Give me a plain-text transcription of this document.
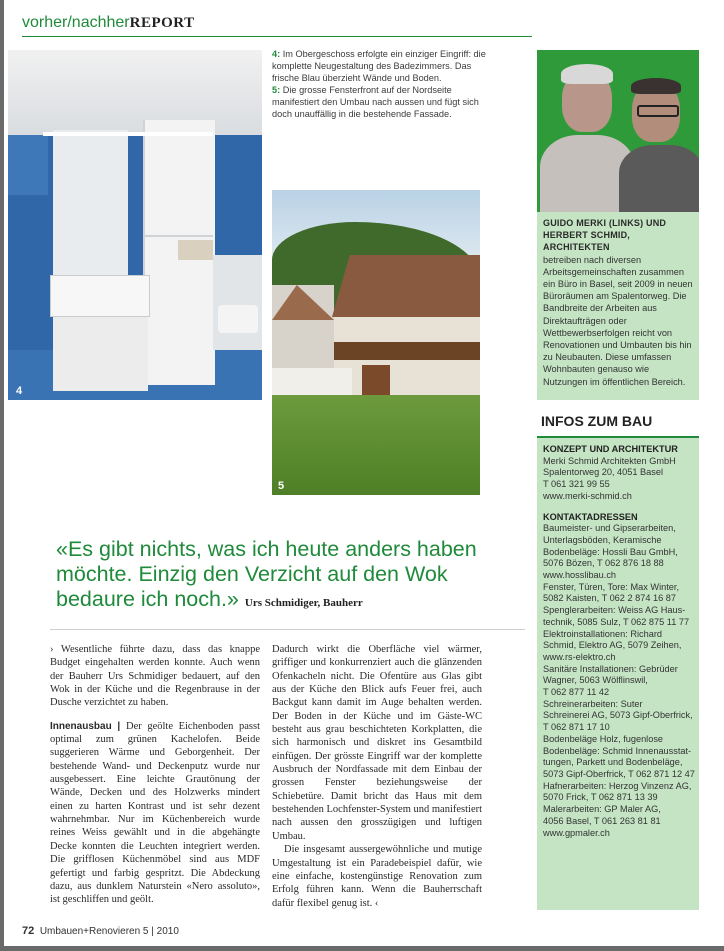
vorher/nachherREPORT
4
4: Im Obergeschoss erfolgte ein einziger Eingriff: die komplette Neugestaltung des Badezimmers. Das frische Blau überzieht Wände und Boden.
5: Die grosse Fensterfront auf der Nordseite manifestiert den Umbau nach aussen und fügt sich doch unauffällig in die bestehende Fassade.
5
GUIDO MERKI (LINKS) UND HERBERT SCHMID, ARCHITEKTEN
betreiben nach diversen Arbeitsgemeinschaften zusammen ein Büro in Basel, seit 2009 in neuen Büroräumen am Spalentorweg. Die Bandbreite der Arbeiten aus Direktaufträgen oder Wettbewerbserfolgen reicht von Renovationen und Umbauten bis hin zu Neubauten. Diese umfassen Wohnbauten genauso wie Nutzungen im öffentlichen Bereich.
INFOS ZUM BAU
KONZEPT UND ARCHITEKTUR
Merki Schmid Architekten GmbH
Spalentorweg 20, 4051 Basel
T 061 321 99 55
www.merki-schmid.ch
KONTAKTADRESSEN
Baumeister- und Gipserarbeiten,
Unterlagsböden, Keramische
Bodenbeläge: Hossli Bau GmbH,
5076 Bözen, T 062 876 18 88
www.hosslibau.ch
Fenster, Türen, Tore: Max Winter,
5082 Kaisten, T 062 2 874 16 87
Spenglerarbeiten: Weiss AG Haus-
technik, 5085 Sulz, T 062 875 11 77
Elektroinstallationen: Richard
Schmid, Elektro AG, 5079 Zeihen,
www.rs-elektro.ch
Sanitäre Installationen: Gebrüder
Wagner, 5063 Wölflinswil,
T 062 877 11 42
Schreinerarbeiten: Suter
Schreinerei AG, 5073 Gipf-Oberfrick,
T 062 871 17 10
Bodenbeläge Holz, fugenlose
Bodenbeläge: Schmid Innenausstat-
tungen, Parkett und Bodenbeläge,
5073 Gipf-Oberfrick, T 062 871 12 47
Hafnerarbeiten: Herzog Vinzenz AG,
5070 Frick, T 062 871 13 39
Malerarbeiten: GP Maler AG,
4056 Basel, T 061 263 81 81
www.gpmaler.ch
«Es gibt nichts, was ich heute anders haben möchte. Einzig den Verzicht auf den Wok bedaure ich noch.» Urs Schmidiger, Bauherr

› Wesentliche führte dazu, dass das knappe Budget eingehalten werden konnte. Auch wenn der Bauherr Urs Schmidiger bedauert, auf den Wok in der Küche und die Regenbrause in der Dusche verzichtet zu haben.

Innenausbau | Der geölte Eichenboden passt optimal zum grünen Kachelofen. Beide suggerieren Wärme und Geborgenheit. Der bestehende Wand- und Deckenputz wurde nur ausgebessert. Eine leichte Grautönung der Wände, Decken und des Holzwerks mindert einen zu harten Kontrast und ist sehr dezent wahrnehmbar. Nur im Küchenbereich wurde reines Weiss gewählt und in die abgehängte Decke konnten die Leuchten integriert werden. Die grifflosen Küchenmöbel sind aus MDF gefertigt und farbig gespritzt. Die Abdeckung dazu, aus dunklem Naturstein «Nero assoluto», ist geschliffen und geölt.

Dadurch wirkt die Oberfläche viel wärmer, griffiger und konkurrenziert auch die glänzenden Ofenkacheln nicht. Die Ofentüre aus Glas gibt aus der Küche den Blick aufs Feuer frei, auch Backgut kann damit im Auge behalten werden. Der Boden in der Küche und im Gäste-WC besteht aus grau beschichteten Korkplatten, die sich harmonisch und diskret ins Gesamtbild einfügen. Der grösste Eingriff war der komplette Ausbruch der Nordfassade mit dem Einbau der grossen Fenster beziehungsweise der Schiebetüre. Damit bricht das Haus mit dem bestehenden Lochfenster-System und manifestiert nach aussen den grosszügigen und luftigen Umbau.

Die insgesamt aussergewöhnliche und mutige Umgestaltung ist ein Paradebeispiel dafür, wie eine einfache, kostengünstige Renovation zum Erfolg führen kann. Wenn die Bauherrschaft dafür flexibel genug ist. ‹

72 Umbauen+Renovieren 5 | 2010
